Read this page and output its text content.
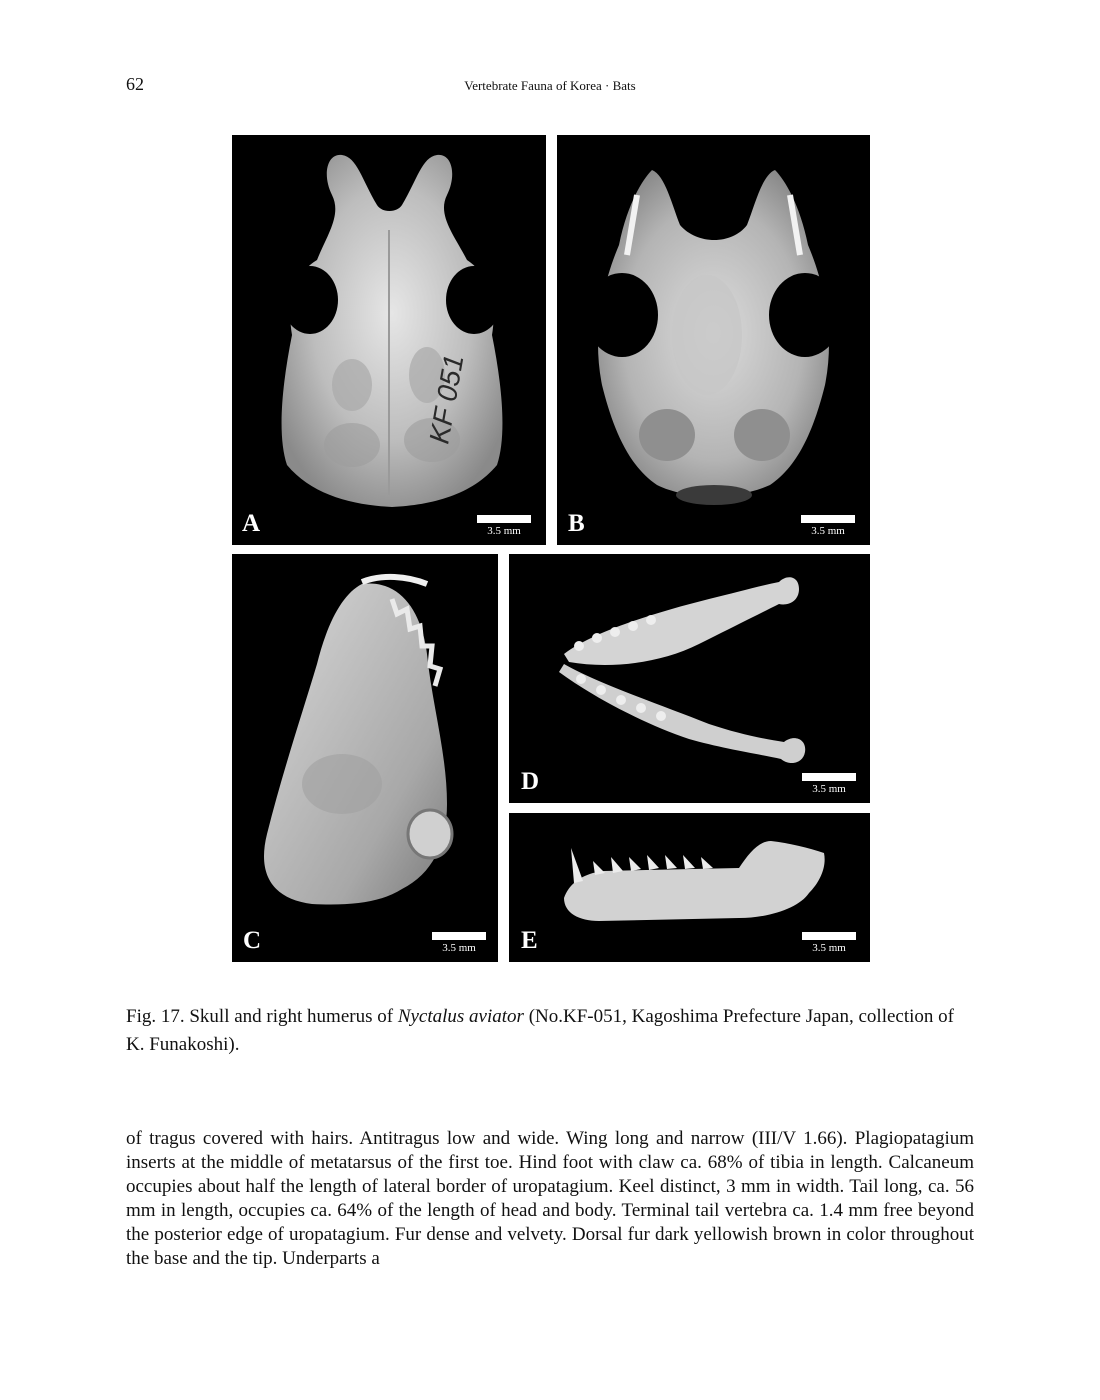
62	Vertebrate Fauna of Korea · Bats
KF 051
A	3.5 mm	B	3.5 mm
C	3.5 mm
D	3.5 mm
E	3.5 mm

Fig. 17. Skull and right humerus of Nyctalus aviator (No.KF-051, Kagoshima Prefecture Japan, collection of K. Funakoshi).

of tragus covered with hairs. Antitragus low and wide. Wing long and narrow (III/V 1.66). Plagiopatagium inserts at the middle of metatarsus of the first toe. Hind foot with claw ca. 68% of tibia in length. Calcaneum occupies about half the length of lateral border of uropatagium. Keel distinct, 3 mm in width. Tail long, ca. 56 mm in length, occupies ca. 64% of the length of head and body. Terminal tail vertebra ca. 1.4 mm free beyond the posterior edge of uropatagium. Fur dense and velvety. Dorsal fur dark yellowish brown in color throughout the base and the tip. Underparts a
